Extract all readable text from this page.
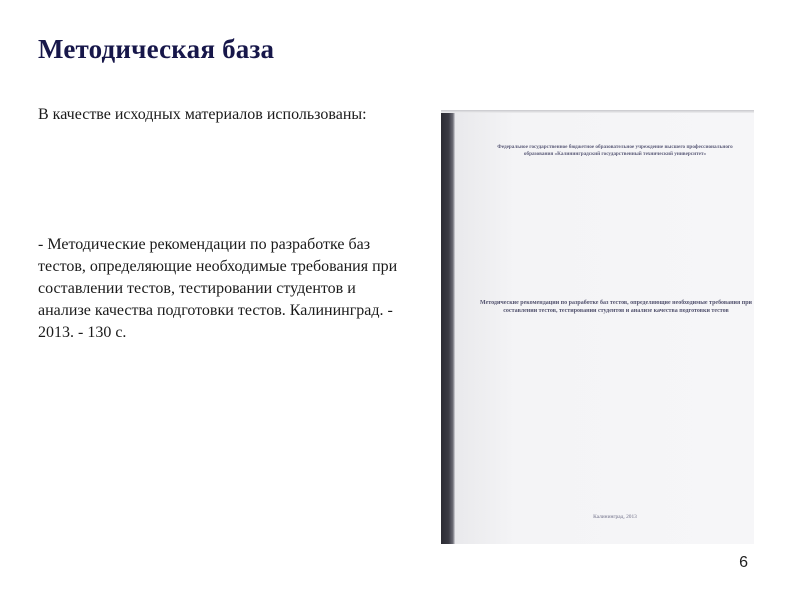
Методическая база
В качестве исходных материалов использованы:
- Методические рекомендации по разработке баз тестов, определяющие необходимые требования при составлении тестов, тестировании студентов и анализе качества подготовки тестов. Калининград. - 2013. - 130 с.
Федеральное государственное бюджетное образовательное учреждение высшего профессионального образования «Калининградский государственный технический университет»
Методические рекомендации по разработке баз тестов, определяющие необходимые требования при составлении тестов, тестировании студентов и анализе качества подготовки тестов
Калининград, 2013
6
